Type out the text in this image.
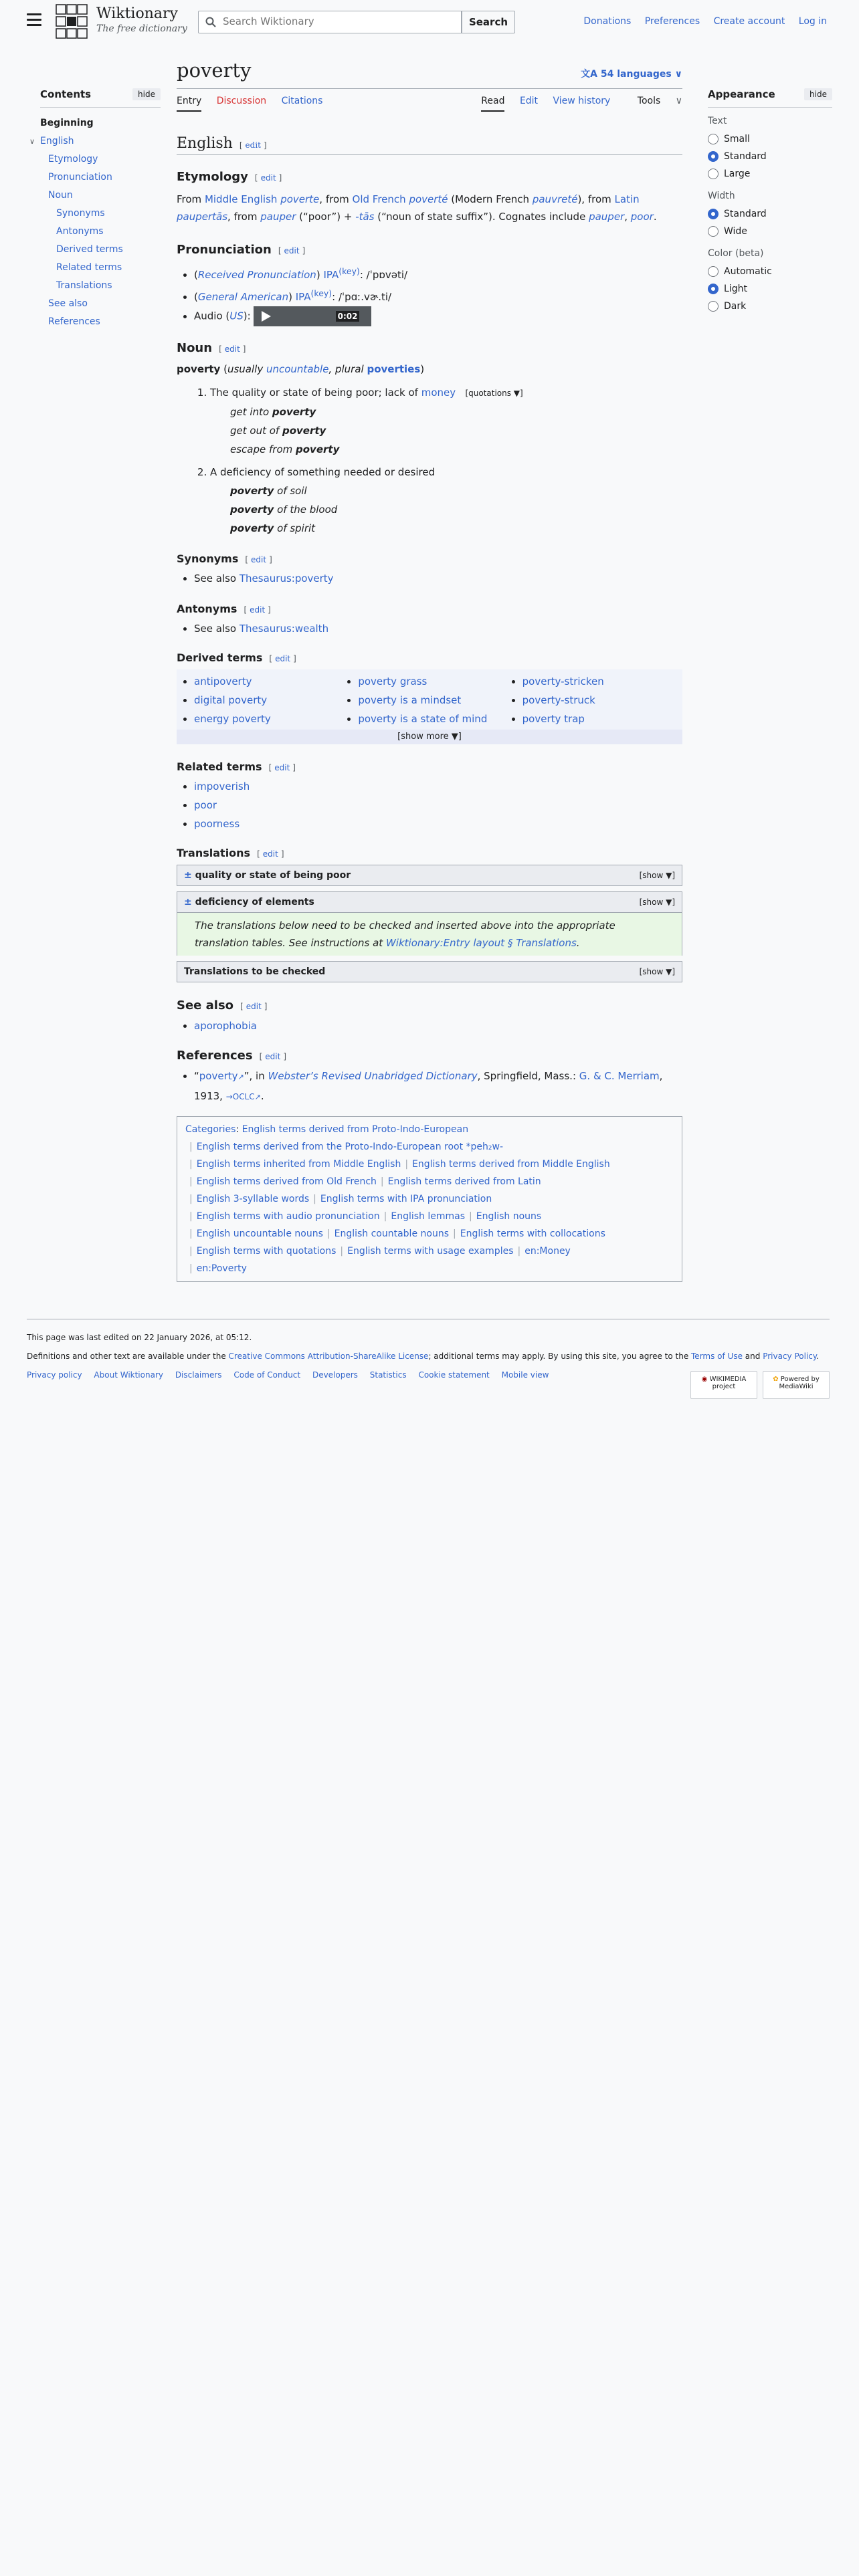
Wiktionary
The free dictionary
Search Wiktionary
Search	Donations Preferences Create account Log in
Contents	hide
Beginning
∨ English
Etymology
Pronunciation
Noun
Synonyms
Antonyms
Derived terms
Related terms
Translations
See also
References
poverty	文A 54 languages ∨
Entry Discussion Citations	Read Edit View history	Tools ∨
English [ edit ]
Etymology [ edit ]

From Middle English poverte, from Old French poverté (Modern French pauvreté), from Latin paupertās, from pauper (“poor”) + -tās (“noun of state suffix”). Cognates include pauper, poor.

Pronunciation [ edit ]
• (Received Pronunciation) $IPA^{(key)}$: /ˈpɒvəti/
• (General American) $IPA^{(key)}$: /ˈpɑː.vɚ.ti/
• Audio (US):	0:02
Noun [ edit ]

poverty (usually uncountable, plural poverties)

1. The quality or state of being poor; lack of money [quotations ▼]
get into poverty
get out of poverty
escape from poverty
2. A deficiency of something needed or desired
poverty of soil
poverty of the blood
poverty of spirit
Synonyms [ edit ]
• See also Thesaurus:poverty
Antonyms [ edit ]
• See also Thesaurus:wealth
Derived terms [ edit ]
• antipoverty
• digital poverty
• energy poverty
• poverty grass
• poverty is a mindset
• poverty is a state of mind
• poverty-stricken
• poverty-struck
• poverty trap
[show more ▼]
Related terms [ edit ]
• impoverish
• poor
• poorness
Translations [ edit ]
± quality or state of being poor	[show ▼]
± deficiency of elements	[show ▼]
The translations below need to be checked and inserted above into the appropriate translation tables. See instructions at Wiktionary:Entry layout § Translations.
Translations to be checked	[show ▼]
See also [ edit ]
• aporophobia
References [ edit ]
• “poverty↗”, in Webster’s Revised Unabridged Dictionary, Springfield, Mass.: G. & C. Merriam, 1913, →OCLC↗.
Categories: English terms derived from Proto-Indo-European
| English terms derived from the Proto-Indo-European root *peh₂w-
| English terms inherited from Middle English | English terms derived from Middle English
| English terms derived from Old French | English terms derived from Latin
| English 3-syllable words | English terms with IPA pronunciation
| English terms with audio pronunciation | English lemmas | English nouns
| English uncountable nouns | English countable nouns | English terms with collocations
| English terms with quotations | English terms with usage examples | en:Money
| en:Poverty
Appearance	hide
Text
Small
Standard
Large
Width
Standard
Wide
Color (beta)
Automatic
Light
Dark

This page was last edited on 22 January 2026, at 05:12.

Definitions and other text are available under the Creative Commons Attribution-ShareAlike License; additional terms may apply. By using this site, you agree to the Terms of Use and Privacy Policy.

Privacy policy About Wiktionary Disclaimers Code of Conduct Developers Statistics Cookie statement Mobile view	◉ WIKIMEDIA project
✿ Powered by MediaWiki
